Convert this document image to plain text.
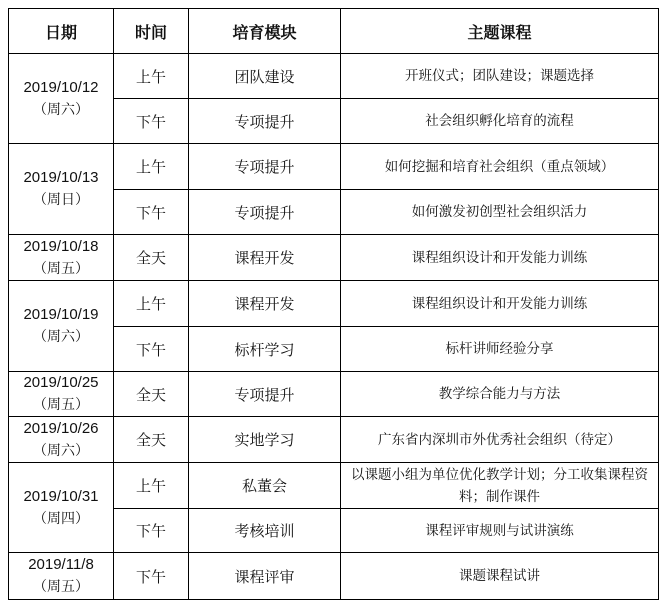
日期	时间	培育模块	主题课程

2019/10/12
（周六）	上午	团队建设	开班仪式；团队建设；课题选择
	下午	专项提升	社会组织孵化培育的流程

2019/10/13
（周日）	上午	专项提升	如何挖掘和培育社会组织（重点领域）
	下午	专项提升	如何激发初创型社会组织活力

2019/10/18
（周五）	全天	课程开发	课程组织设计和开发能力训练

2019/10/19
（周六）	上午	课程开发	课程组织设计和开发能力训练
	下午	标杆学习	标杆讲师经验分享

2019/10/25
（周五）	全天	专项提升	教学综合能力与方法

2019/10/26
（周六）	全天	实地学习	广东省内深圳市外优秀社会组织（待定）

2019/10/31
（周四）	上午	私董会	以课题小组为单位优化教学计划；分工收集课程资料；制作课件
	下午	考核培训	课程评审规则与试讲演练

2019/11/8
（周五）	下午	课程评审	课题课程试讲
